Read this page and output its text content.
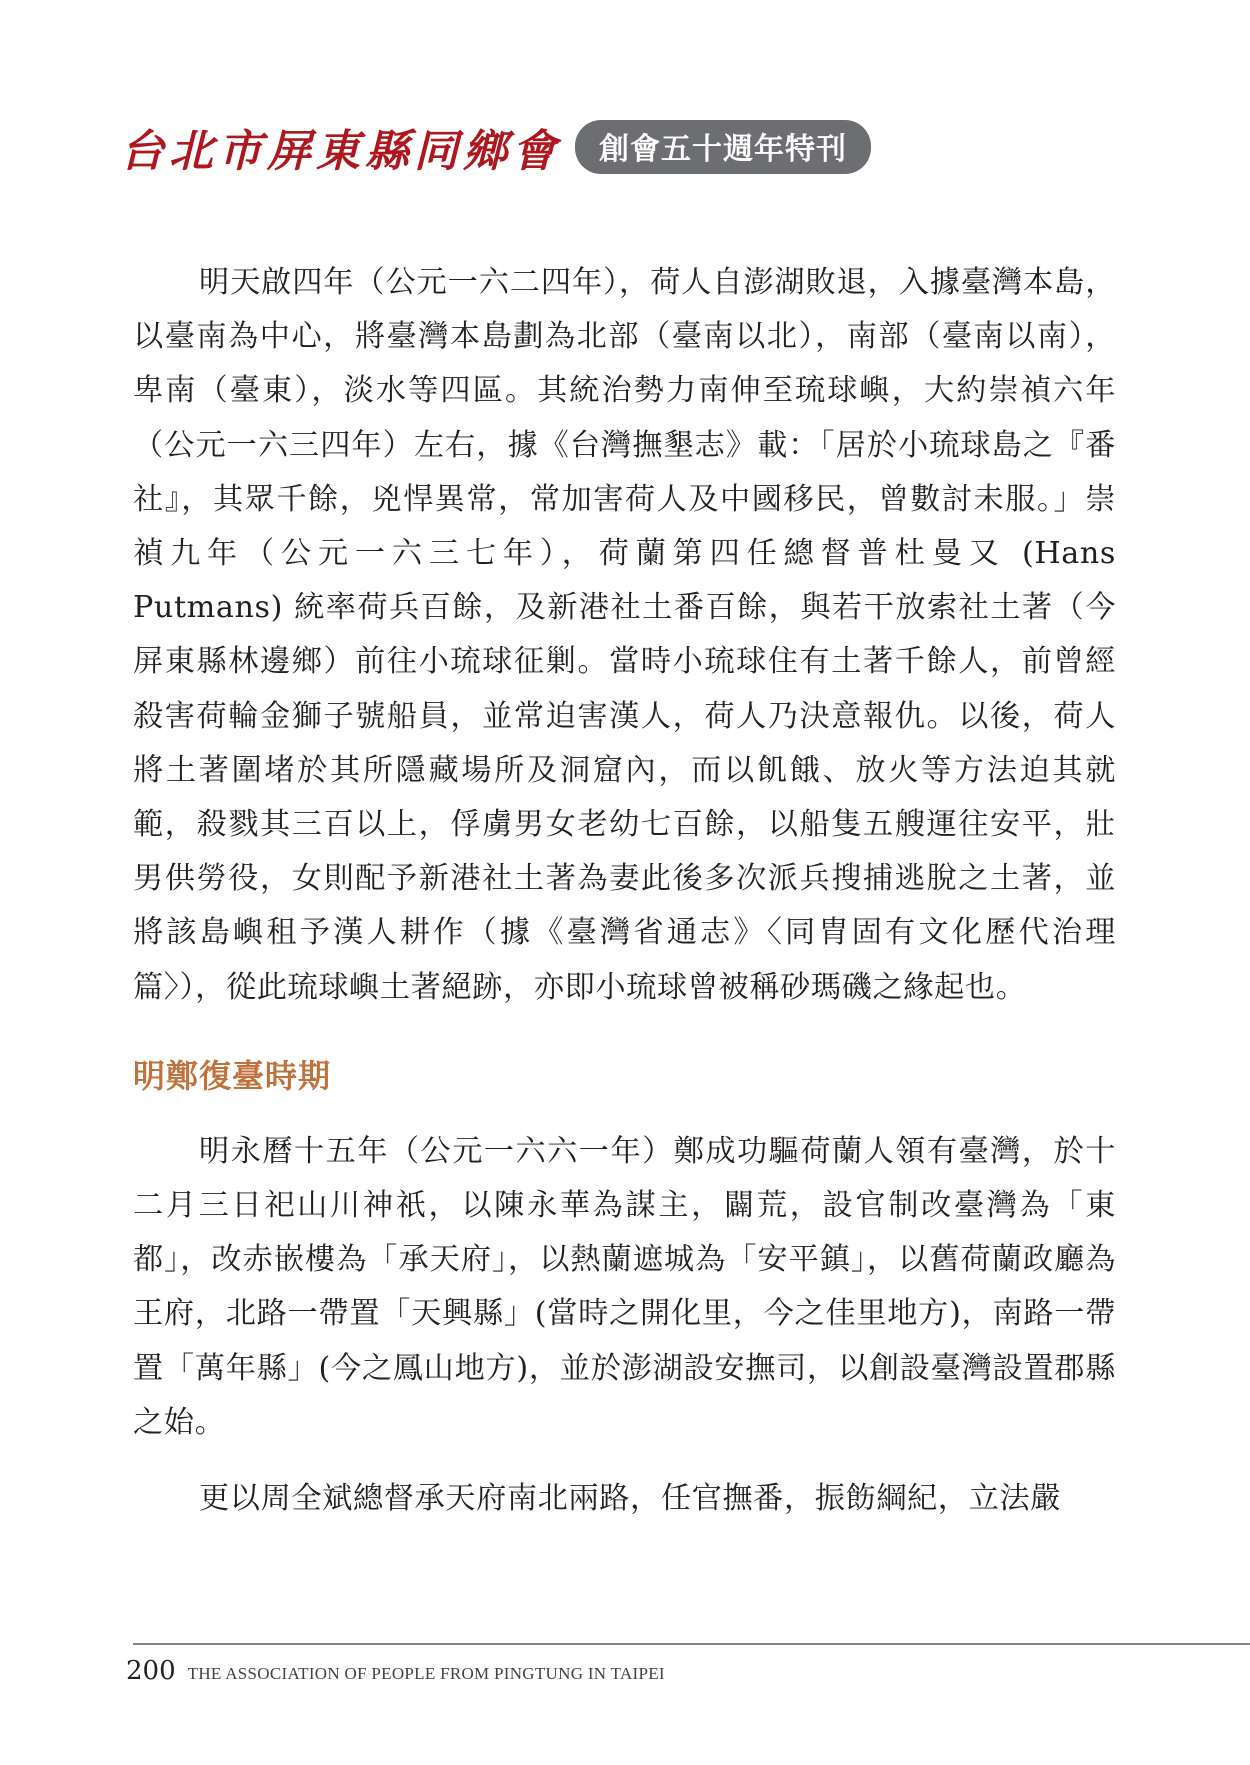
台北市屏東縣同鄉會	創會五十週年特刊

明天啟四年（公元一六二四年），荷人自澎湖敗退，入據臺灣本島，以臺南為中心，將臺灣本島劃為北部（臺南以北），南部（臺南以南），卑南（臺東），淡水等四區。其統治勢力南伸至琉球嶼，大約崇禎六年（公元一六三四年）左右，據《台灣撫墾志》載：「居於小琉球島之『番社』，其眾千餘，兇悍異常，常加害荷人及中國移民，曾數討未服。」崇禎九年（公元一六三七年），荷蘭第四任總督普杜曼又 (Hans Putmans) 統率荷兵百餘，及新港社土番百餘，與若干放索社土著（今屏東縣林邊鄉）前往小琉球征剿。當時小琉球住有土著千餘人，前曾經殺害荷輪金獅子號船員，並常迫害漢人，荷人乃決意報仇。以後，荷人將土著圍堵於其所隱藏場所及洞窟內，而以飢餓、放火等方法迫其就範，殺戮其三百以上，俘虜男女老幼七百餘，以船隻五艘運往安平，壯男供勞役，女則配予新港社土著為妻此後多次派兵搜捕逃脫之土著，並將該島嶼租予漢人耕作（據《臺灣省通志》〈同胄固有文化歷代治理篇〉），從此琉球嶼土著絕跡，亦即小琉球曾被稱砂瑪磯之緣起也。

明鄭復臺時期

明永曆十五年（公元一六六一年）鄭成功驅荷蘭人領有臺灣，於十二月三日祀山川神祇，以陳永華為謀主，闢荒，設官制改臺灣為「東都」，改赤嵌樓為「承天府」，以熱蘭遮城為「安平鎮」，以舊荷蘭政廳為王府，北路一帶置「天興縣」(當時之開化里，今之佳里地方)，南路一帶置「萬年縣」(今之鳳山地方)，並於澎湖設安撫司，以創設臺灣設置郡縣之始。

更以周全斌總督承天府南北兩路，任官撫番，振飭綱紀，立法嚴

200 THE ASSOCIATION OF PEOPLE FROM PINGTUNG IN TAIPEI
